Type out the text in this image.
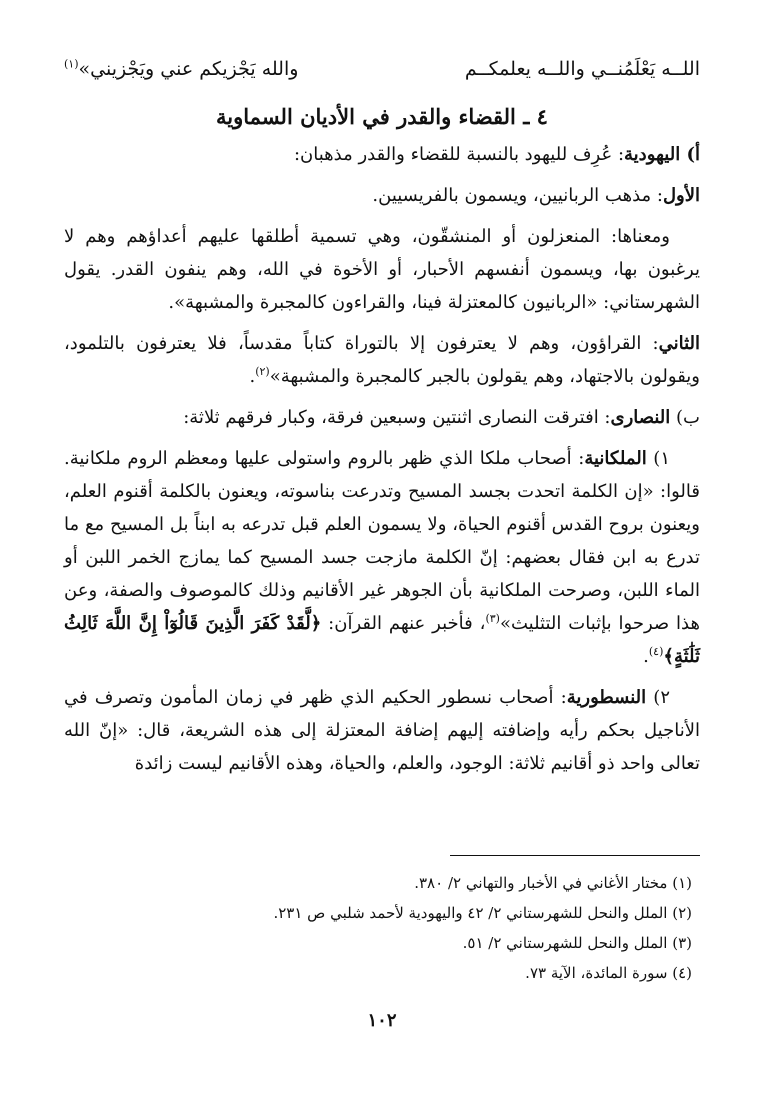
اللــه يَعْلَمُنــي واللــه يعلمكــم
والله يَجْزيكم عني ويَجْزيني»$^{(١)}$
٤ ـ القضاء والقدر في الأديان السماوية

أ) اليهودية: عُرِف لليهود بالنسبة للقضاء والقدر مذهبان:

الأول: مذهب الربانيين، ويسمون بالفريسيين.

ومعناها: المنعزلون أو المنشقّون، وهي تسمية أطلقها عليهم أعداؤهم وهم لا يرغبون بها، ويسمون أنفسهم الأحبار، أو الأخوة في الله، وهم ينفون القدر. يقول الشهرستاني: «الربانيون كالمعتزلة فينا، والقراءون كالمجبرة والمشبهة».

الثاني: القراؤون، وهم لا يعترفون إلا بالتوراة كتاباً مقدساً، فلا يعترفون بالتلمود، ويقولون بالاجتهاد، وهم يقولون بالجبر كالمجبرة والمشبهة»$^{(٢)}$.

ب) النصارى: افترقت النصارى اثنتين وسبعين فرقة، وكبار فرقهم ثلاثة:

١) الملكانية: أصحاب ملكا الذي ظهر بالروم واستولى عليها ومعظم الروم ملكانية. قالوا: «إن الكلمة اتحدت بجسد المسيح وتدرعت بناسوته، ويعنون بالكلمة أقنوم العلم، ويعنون بروح القدس أقنوم الحياة، ولا يسمون العلم قبل تدرعه به ابناً بل المسيح مع ما تدرع به ابن فقال بعضهم: إنّ الكلمة مازجت جسد المسيح كما يمازج الخمر اللبن أو الماء اللبن، وصرحت الملكانية بأن الجوهر غير الأقانيم وذلك كالموصوف والصفة، وعن هذا صرحوا بإثبات التثليث»$^{(٣)}$، فأخبر عنهم القرآن: ﴿لَّقَدْ كَفَرَ الَّذِينَ قَالُوٓاْ إِنَّ اللَّهَ ثَالِثُ ثَلَٰثَةٍ﴾$^{(٤)}$.

٢) النسطورية: أصحاب نسطور الحكيم الذي ظهر في زمان المأمون وتصرف في الأناجيل بحكم رأيه وإضافته إليهم إضافة المعتزلة إلى هذه الشريعة، قال: «إنّ الله تعالى واحد ذو أقانيم ثلاثة: الوجود، والعلم، والحياة، وهذه الأقانيم ليست زائدة

(١) مختار الأغاني في الأخبار والتهاني ٢/ ٣٨٠.
(٢) الملل والنحل للشهرستاني ٢/ ٤٢ واليهودية لأحمد شلبي ص ٢٣١.
(٣) الملل والنحل للشهرستاني ٢/ ٥١.
(٤) سورة المائدة، الآية ٧٣.
١٠٢
